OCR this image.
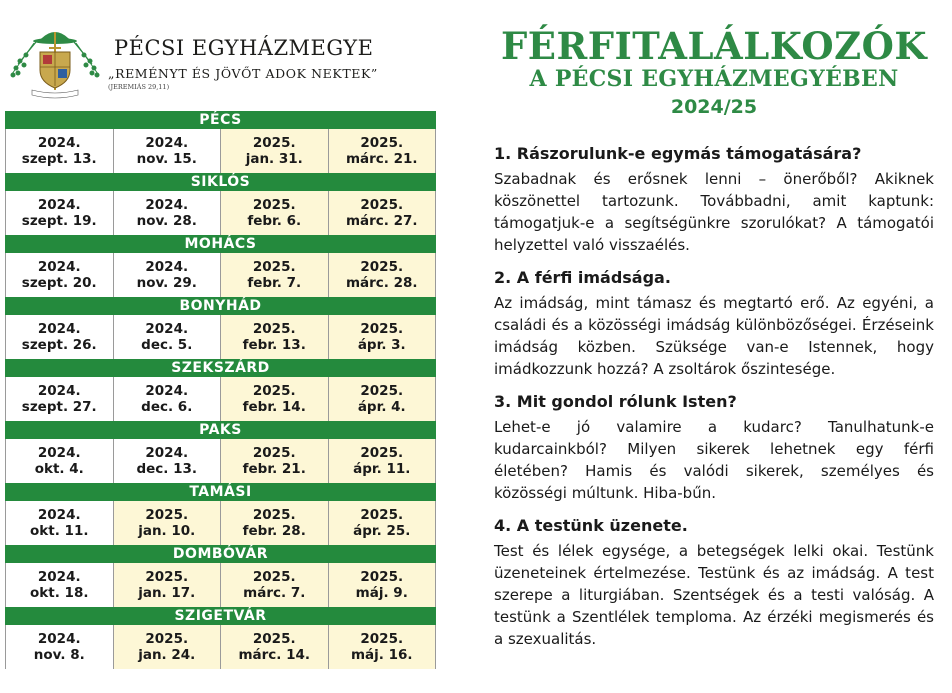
PÉCSI EGYHÁZMEGYE
„REMÉNYT ÉS JÖVŐT ADOK NEKTEK”
(JEREMIÁS 29,11)
PÉCS
2024.
szept. 13.
2024.
nov. 15.
2025.
jan. 31.
2025.
márc. 21.
SIKLÓS
2024.
szept. 19.
2024.
nov. 28.
2025.
febr. 6.
2025.
márc. 27.
MOHÁCS
2024.
szept. 20.
2024.
nov. 29.
2025.
febr. 7.
2025.
márc. 28.
BONYHÁD
2024.
szept. 26.
2024.
dec. 5.
2025.
febr. 13.
2025.
ápr. 3.
SZEKSZÁRD
2024.
szept. 27.
2024.
dec. 6.
2025.
febr. 14.
2025.
ápr. 4.
PAKS
2024.
okt. 4.
2024.
dec. 13.
2025.
febr. 21.
2025.
ápr. 11.
TAMÁSI
2024.
okt. 11.
2025.
jan. 10.
2025.
febr. 28.
2025.
ápr. 25.
DOMBÓVÁR
2024.
okt. 18.
2025.
jan. 17.
2025.
márc. 7.
2025.
máj. 9.
SZIGETVÁR
2024.
nov. 8.
2025.
jan. 24.
2025.
márc. 14.
2025.
máj. 16.
FÉRFITALÁLKOZÓK
A PÉCSI EGYHÁZMEGYÉBEN
2024/25
1. Rászorulunk-e egymás támogatására?
Szabadnak és erősnek lenni – önerőből? Akiknek köszönettel tartozunk. Továbbadni, amit kaptunk: támogatjuk-e a segítségünkre szorulókat? A támogatói helyzettel való visszaélés.
2. A férfi imádsága.
Az imádság, mint támasz és megtartó erő. Az egyéni, a családi és a közösségi imádság különbözőségei. Érzéseink imádság közben. Szüksége van-e Istennek, hogy imádkozzunk hozzá? A zsoltárok őszintesége.
3. Mit gondol rólunk Isten?
Lehet-e jó valamire a kudarc? Tanulhatunk-e kudarcainkból? Milyen sikerek lehetnek egy férfi életében? Hamis és valódi sikerek, személyes és közösségi múltunk. Hiba-bűn.
4. A testünk üzenete.
Test és lélek egysége, a betegségek lelki okai. Testünk üzeneteinek értelmezése. Testünk és az imádság. A test szerepe a liturgiában. Szentségek és a testi valóság. A testünk a Szentlélek temploma. Az érzéki megismerés és a szexualitás.
